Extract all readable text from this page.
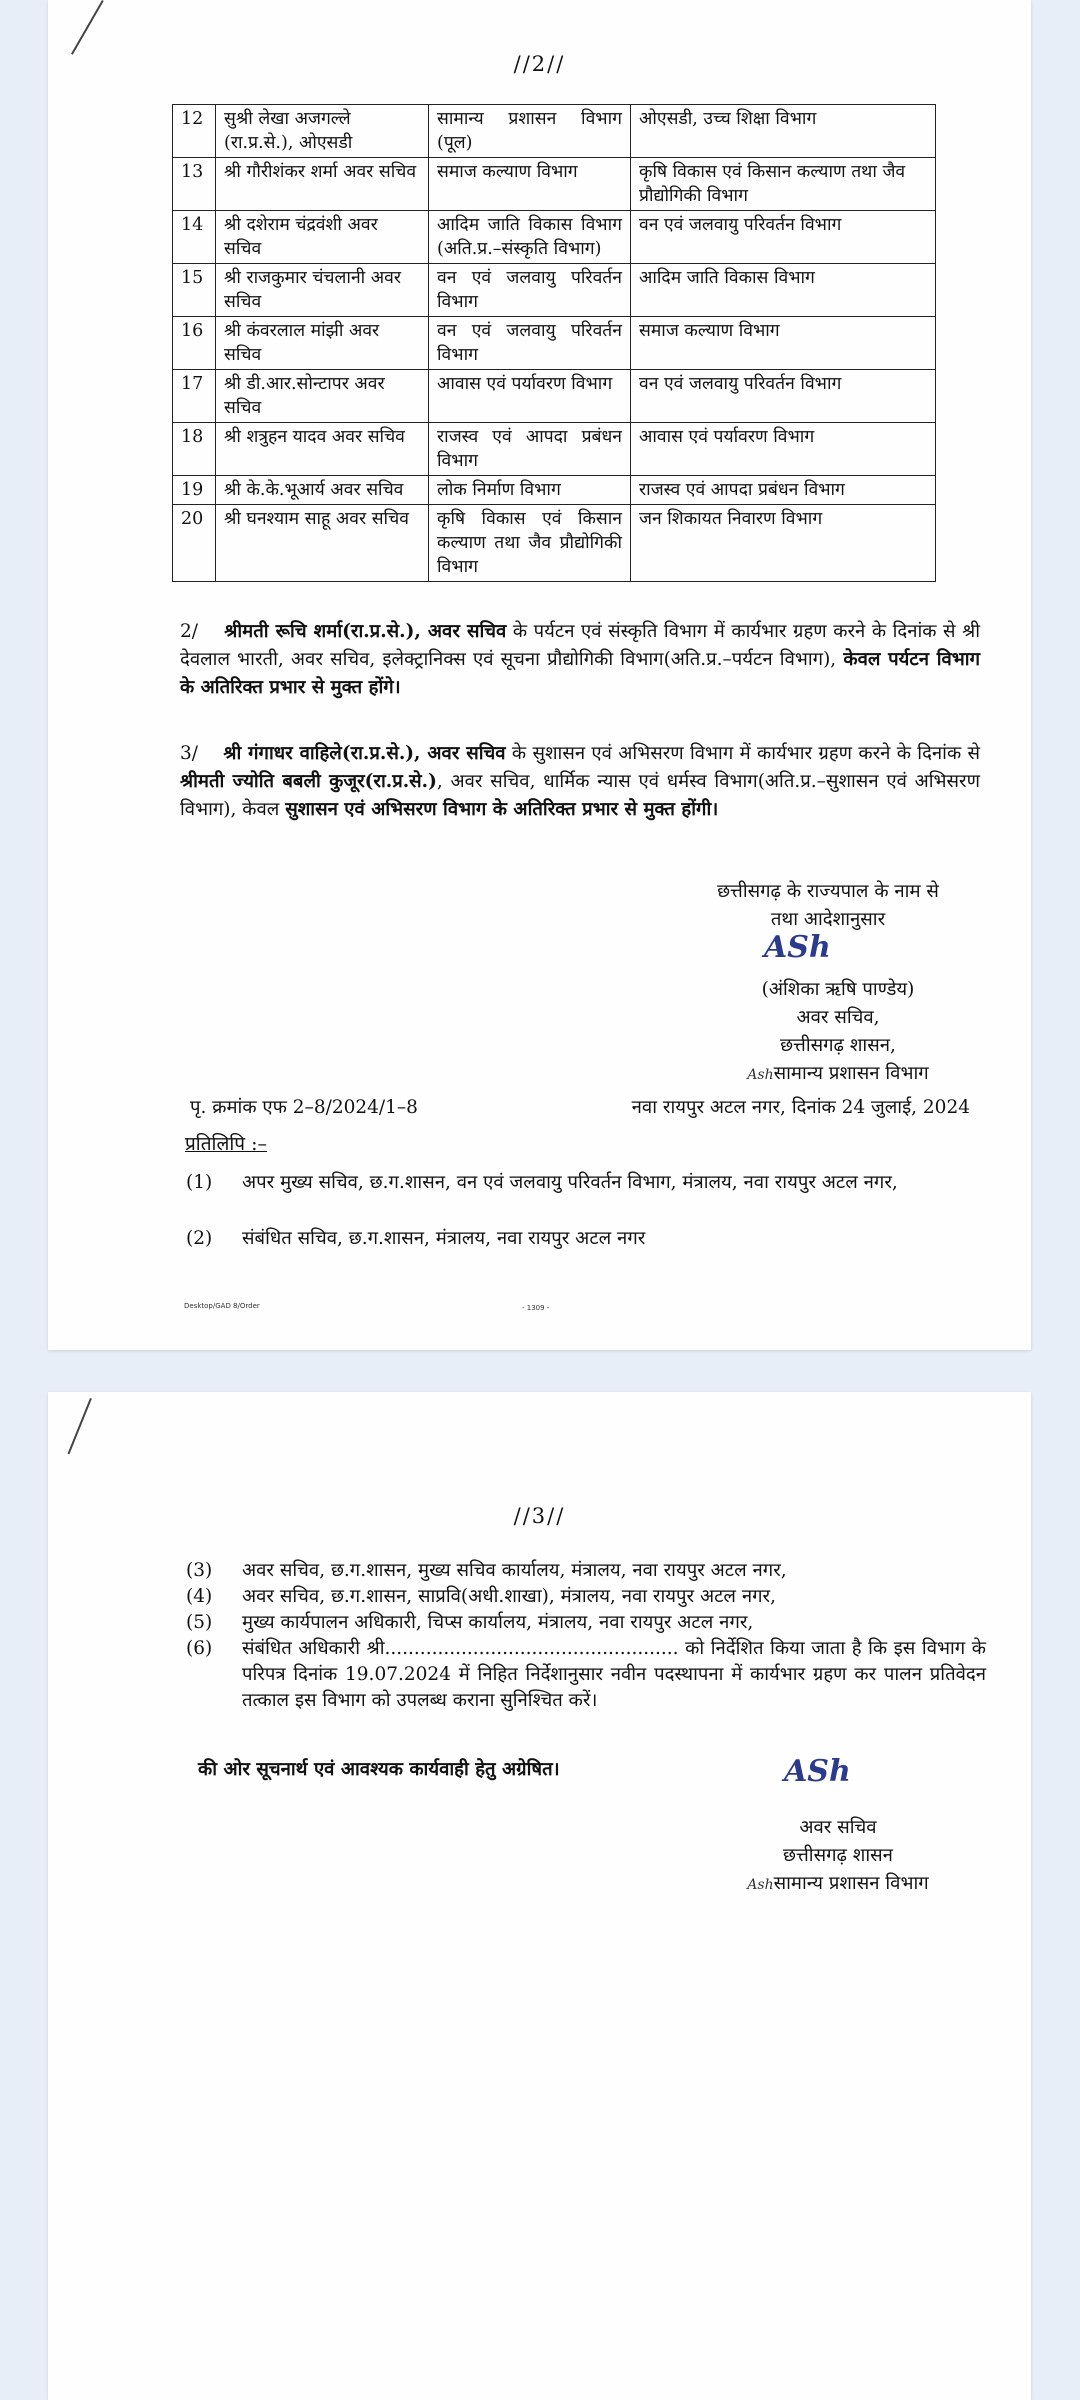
//2//
12	सुश्री लेखा अजगल्ले (रा.प्र.से.), ओएसडी	सामान्य प्रशासन विभाग (पूल)	ओएसडी, उच्च शिक्षा विभाग
13	श्री गौरीशंकर शर्मा अवर सचिव	समाज कल्याण विभाग	कृषि विकास एवं किसान कल्याण तथा जैव प्रौद्योगिकी विभाग
14	श्री दशेराम चंद्रवंशी अवर सचिव	आदिम जाति विकास विभाग (अति.प्र.–संस्कृति विभाग)	वन एवं जलवायु परिवर्तन विभाग
15	श्री राजकुमार चंचलानी अवर सचिव	वन एवं जलवायु परिवर्तन विभाग	आदिम जाति विकास विभाग
16	श्री कंवरलाल मांझी अवर सचिव	वन एवं जलवायु परिवर्तन विभाग	समाज कल्याण विभाग
17	श्री डी.आर.सोन्टापर अवर सचिव	आवास एवं पर्यावरण विभाग	वन एवं जलवायु परिवर्तन विभाग
18	श्री शत्रुहन यादव अवर सचिव	राजस्व एवं आपदा प्रबंधन विभाग	आवास एवं पर्यावरण विभाग
19	श्री के.के.भूआर्य अवर सचिव	लोक निर्माण विभाग	राजस्व एवं आपदा प्रबंधन विभाग
20	श्री घनश्याम साहू अवर सचिव	कृषि विकास एवं किसान कल्याण तथा जैव प्रौद्योगिकी विभाग	जन शिकायत निवारण विभाग
2/ श्रीमती रूचि शर्मा(रा.प्र.से.), अवर सचिव के पर्यटन एवं संस्कृति विभाग में कार्यभार ग्रहण करने के दिनांक से श्री देवलाल भारती, अवर सचिव, इलेक्ट्रानिक्स एवं सूचना प्रौद्योगिकी विभाग(अति.प्र.–पर्यटन विभाग), केवल पर्यटन विभाग के अतिरिक्त प्रभार से मुक्त होंगे।
3/ श्री गंगाधर वाहिले(रा.प्र.से.), अवर सचिव के सुशासन एवं अभिसरण विभाग में कार्यभार ग्रहण करने के दिनांक से श्रीमती ज्योति बबली कुजूर(रा.प्र.से.), अवर सचिव, धार्मिक न्यास एवं धर्मस्व विभाग(अति.प्र.–सुशासन एवं अभिसरण विभाग), केवल सुशासन एवं अभिसरण विभाग के अतिरिक्त प्रभार से मुक्त होंगी।
छत्तीसगढ़ के राज्यपाल के नाम से
तथा आदेशानुसार
ASh
(अंशिका ऋषि पाण्डेय)
अवर सचिव,
छत्तीसगढ़ शासन,
Ashसामान्य प्रशासन विभाग
पृ. क्रमांक एफ 2–8/2024/1–8	नवा रायपुर अटल नगर, दिनांक 24 जुलाई, 2024
प्रतिलिपि :–
(1) अपर मुख्य सचिव, छ.ग.शासन, वन एवं जलवायु परिवर्तन विभाग, मंत्रालय, नवा रायपुर अटल नगर,
(2) संबंधित सचिव, छ.ग.शासन, मंत्रालय, नवा रायपुर अटल नगर
Desktop/GAD 8/Order	- 1309 -
//3//
(3) अवर सचिव, छ.ग.शासन, मुख्य सचिव कार्यालय, मंत्रालय, नवा रायपुर अटल नगर,
(4) अवर सचिव, छ.ग.शासन, साप्रवि(अधी.शाखा), मंत्रालय, नवा रायपुर अटल नगर,
(5) मुख्य कार्यपालन अधिकारी, चिप्स कार्यालय, मंत्रालय, नवा रायपुर अटल नगर,
(6) संबंधित अधिकारी श्री.................................................. को निर्देशित किया जाता है कि इस विभाग के परिपत्र दिनांक 19.07.2024 में निहित निर्देशानुसार नवीन पदस्थापना में कार्यभार ग्रहण कर पालन प्रतिवेदन तत्काल इस विभाग को उपलब्ध कराना सुनिश्चित करें।
की ओर सूचनार्थ एवं आवश्यक कार्यवाही हेतु अग्रेषित।	ASh
अवर सचिव
छत्तीसगढ़ शासन
Ashसामान्य प्रशासन विभाग
